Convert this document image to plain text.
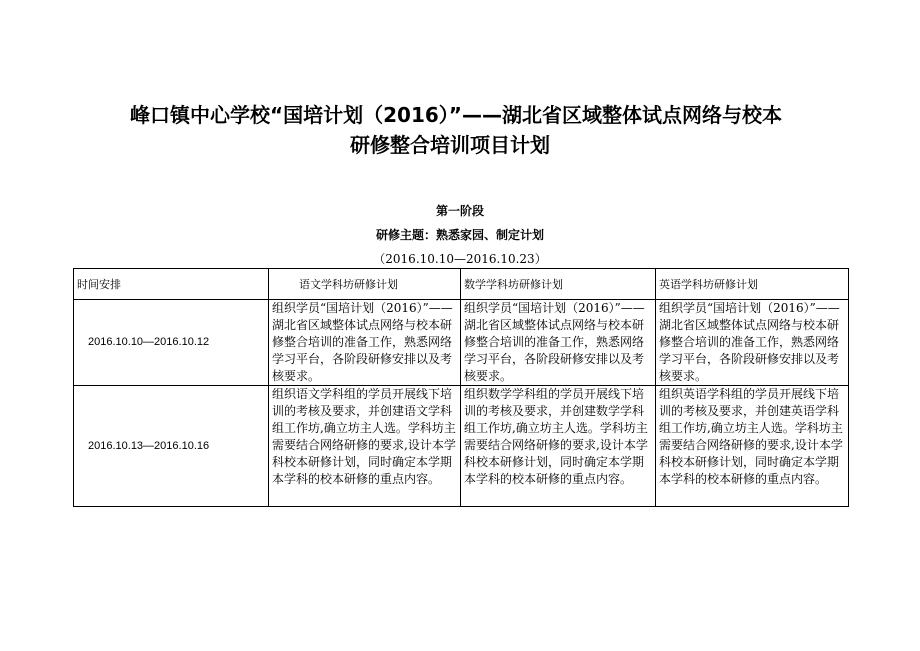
峰口镇中心学校“国培计划（2016）”——湖北省区域整体试点网络与校本
研修整合培训项目计划
第一阶段
研修主题：熟悉家园、制定计划
（2016.10.10—2016.10.23）
时间安排	语文学科坊研修计划	数学学科坊研修计划	英语学科坊研修计划
2016.10.10—2016.10.12	组织学员“国培计划（2016）”——湖北省区域整体试点网络与校本研修整合培训的准备工作，熟悉网络学习平台，各阶段研修安排以及考核要求。	组织学员“国培计划（2016）”——湖北省区域整体试点网络与校本研修整合培训的准备工作，熟悉网络学习平台，各阶段研修安排以及考核要求。	组织学员“国培计划（2016）”——湖北省区域整体试点网络与校本研修整合培训的准备工作，熟悉网络学习平台，各阶段研修安排以及考核要求。
2016.10.13—2016.10.16	组织语文学科组的学员开展线下培训的考核及要求，并创建语文学科组工作坊,确立坊主人选。学科坊主需要结合网络研修的要求,设计本学科校本研修计划，同时确定本学期本学科的校本研修的重点内容。	组织数学学科组的学员开展线下培训的考核及要求，并创建数学学科组工作坊,确立坊主人选。学科坊主需要结合网络研修的要求,设计本学科校本研修计划，同时确定本学期本学科的校本研修的重点内容。	组织英语学科组的学员开展线下培训的考核及要求，并创建英语学科组工作坊,确立坊主人选。学科坊主需要结合网络研修的要求,设计本学科校本研修计划，同时确定本学期本学科的校本研修的重点内容。
